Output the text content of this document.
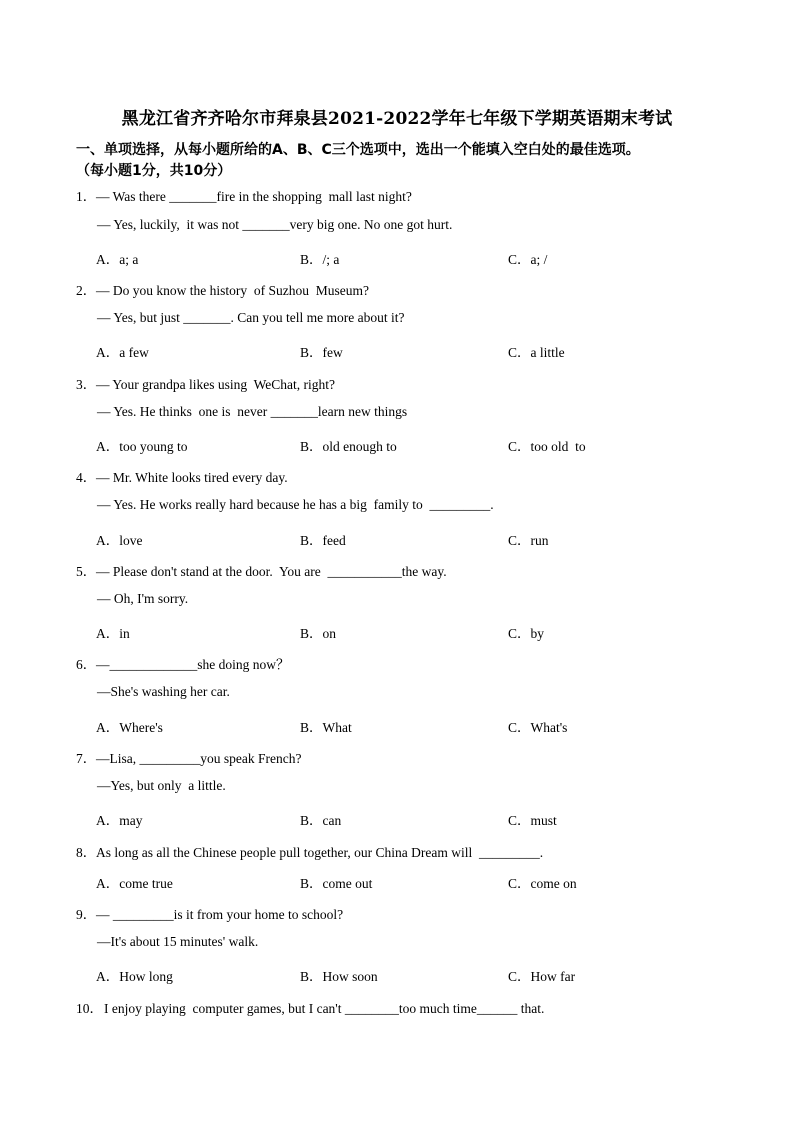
黑龙江省齐齐哈尔市拜泉县2021-2022学年七年级下学期英语期末考试
一、单项选择，从每小题所给的A、B、C三个选项中，选出一个能填入空白处的最佳选项。
（每小题1分，共10分）
1．— Was there _______fire in the shopping  mall last night?
— Yes, luckily,  it was not _______very big one. No one got hurt.
A．a; a	B．/; a	C．a; /
2．— Do you know the history  of Suzhou  Museum?
— Yes, but just _______. Can you tell me more about it?
A．a few	B．few	C．a little
3．— Your grandpa likes using  WeChat, right?
— Yes. He thinks  one is  never _______learn new things
A．too young to	B．old enough to	C．too old  to
4．— Mr. White looks tired every day.
— Yes. He works really hard because he has a big  family to  _________.
A．love	B．feed	C．run
5．— Please don't stand at the door.  You are  ___________the way.
— Oh, I'm sorry.
A．in	B．on	C．by
6．—_____________she doing now？
—She's washing her car.
A．Where's	B．What	C．What's
7．—Lisa, _________you speak French?
—Yes, but only  a little.
A．may	B．can	C．must
8．As long as all the Chinese people pull together, our China Dream will  _________.
A．come true	B．come out	C．come on
9．— _________is it from your home to school?
—It's about 15 minutes' walk.
A．How long	B．How soon	C．How far
10．I enjoy playing  computer games, but I can't ________too much time______ that.
